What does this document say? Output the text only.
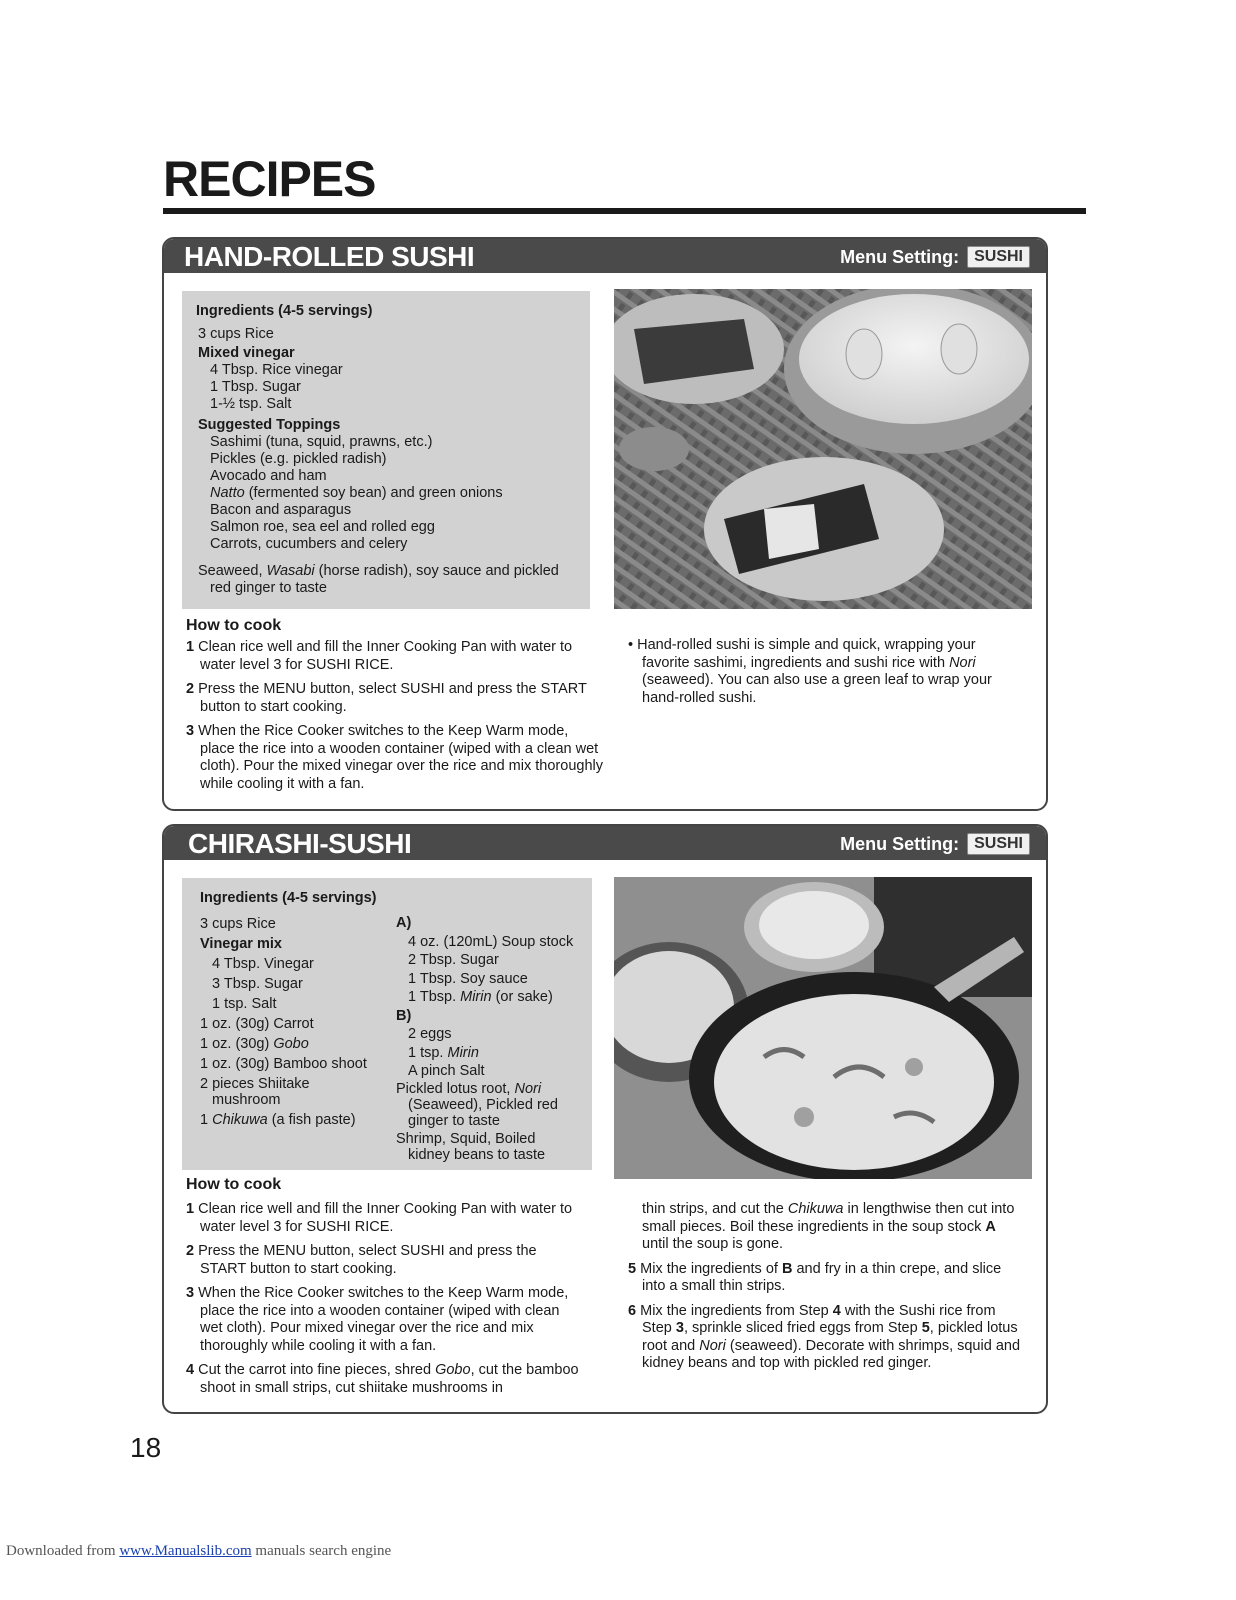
RECIPES
HAND-ROLLED SUSHI	Menu Setting: SUSHI
Ingredients (4-5 servings)
3 cups Rice
Mixed vinegar
4 Tbsp. Rice vinegar
1 Tbsp. Sugar
1-½ tsp. Salt
Suggested Toppings
Sashimi (tuna, squid, prawns, etc.)
Pickles (e.g. pickled radish)
Avocado and ham
Natto (fermented soy bean) and green onions
Bacon and asparagus
Salmon roe, sea eel and rolled egg
Carrots, cucumbers and celery
Seaweed, Wasabi (horse radish), soy sauce and pickled red ginger to taste
How to cook
1 Clean rice well and fill the Inner Cooking Pan with water to water level 3 for SUSHI RICE.
2 Press the MENU button, select SUSHI and press the START button to start cooking.
3 When the Rice Cooker switches to the Keep Warm mode, place the rice into a wooden container (wiped with a clean wet cloth). Pour the mixed vinegar over the rice and mix thoroughly while cooling it with a fan.
• Hand-rolled sushi is simple and quick, wrapping your favorite sashimi, ingredients and sushi rice with Nori (seaweed). You can also use a green leaf to wrap your hand-rolled sushi.
CHIRASHI-SUSHI	Menu Setting: SUSHI
Ingredients (4-5 servings)
3 cups Rice
Vinegar mix
4 Tbsp. Vinegar
3 Tbsp. Sugar
1 tsp. Salt
1 oz. (30g) Carrot
1 oz. (30g) Gobo
1 oz. (30g) Bamboo shoot
2 pieces Shiitake mushroom
1 Chikuwa (a fish paste)
A)
4 oz. (120mL) Soup stock
2 Tbsp. Sugar
1 Tbsp. Soy sauce
1 Tbsp. Mirin (or sake)
B)
2 eggs
1 tsp. Mirin
A pinch Salt
Pickled lotus root, Nori (Seaweed), Pickled red ginger to taste
Shrimp, Squid, Boiled kidney beans to taste
How to cook
1 Clean rice well and fill the Inner Cooking Pan with water to water level 3 for SUSHI RICE.
2 Press the MENU button, select SUSHI and press the START button to start cooking.
3 When the Rice Cooker switches to the Keep Warm mode, place the rice into a wooden container (wiped with clean wet cloth). Pour mixed vinegar over the rice and mix thoroughly while cooling it with a fan.
4 Cut the carrot into fine pieces, shred Gobo, cut the bamboo shoot in small strips, cut shiitake mushrooms in
thin strips, and cut the Chikuwa in lengthwise then cut into small pieces. Boil these ingredients in the soup stock A until the soup is gone.
5 Mix the ingredients of B and fry in a thin crepe, and slice into a small thin strips.
6 Mix the ingredients from Step 4 with the Sushi rice from Step 3, sprinkle sliced fried eggs from Step 5, pickled lotus root and Nori (seaweed). Decorate with shrimps, squid and kidney beans and top with pickled red ginger.
18
Downloaded from www.Manualslib.com manuals search engine
